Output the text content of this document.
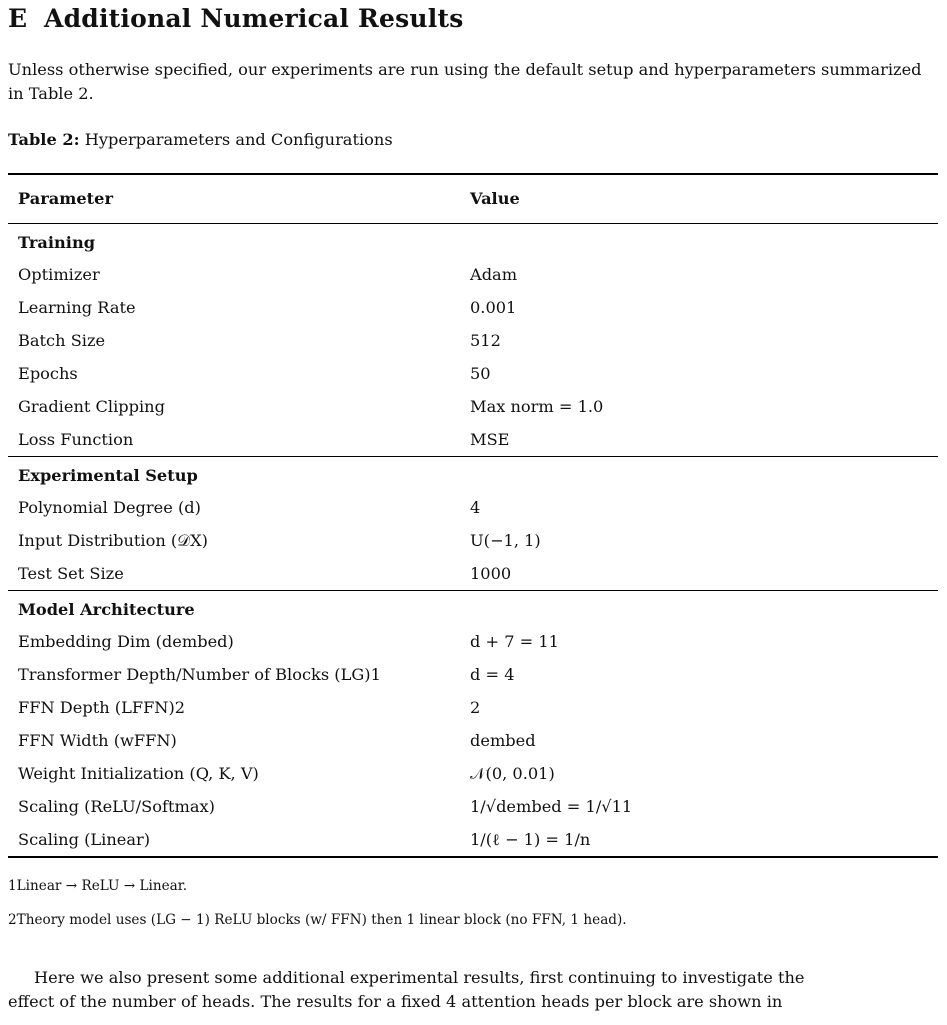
E Additional Numerical Results
Unless otherwise specified, our experiments are run using the default setup and hyperparameters summarized in Table 2.
Table 2: Hyperparameters and Configurations
Parameter	Value
Training
Optimizer	Adam
Learning Rate	0.001
Batch Size	512
Epochs	50
Gradient Clipping	Max norm = 1.0
Loss Function	MSE
Experimental Setup
Polynomial Degree (d)	4
Input Distribution (𝒟X)	U(−1, 1)
Test Set Size	1000
Model Architecture
Embedding Dim (dembed)	d + 7 = 11
Transformer Depth/Number of Blocks (LG)1	d = 4
FFN Depth (LFFN)2	2
FFN Width (wFFN)	dembed
Weight Initialization (Q, K, V)	𝒩(0, 0.01)
Scaling (ReLU/Softmax)	1/√dembed = 1/√11
Scaling (Linear)	1/(ℓ − 1) = 1/n
1Linear → ReLU → Linear.
2Theory model uses (LG − 1) ReLU blocks (w/ FFN) then 1 linear block (no FFN, 1 head).
Here we also present some additional experimental results, first continuing to investigate the
effect of the number of heads. The results for a fixed 4 attention heads per block are shown in
